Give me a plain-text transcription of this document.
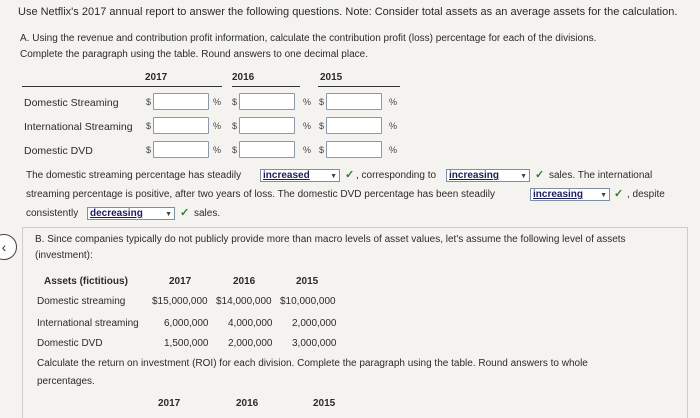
Use Netflix's 2017 annual report to answer the following questions. Note: Consider total assets as an average assets for the calculation.
A. Using the revenue and contribution profit information, calculate the contribution profit (loss) percentage for each of the divisions.
Complete the paragraph using the table. Round answers to one decimal place.
2017	2016	2015
Domestic Streaming	$	% $	% $	%
International Streaming $	% $	% $	%
Domestic DVD	$	% $	% $	%
The domestic streaming percentage has steadily	increased	▼ ✓ , corresponding to	increasing	▼ ✓ sales. The international
streaming percentage is positive, after two years of loss. The domestic DVD percentage has been steadily	increasing ▼ ✓ , despite
consistently	decreasing	▼ ✓ sales.
‹	B. Since companies typically do not publicly provide more than macro levels of asset values, let's assume the following level of assets
(investment):
Assets (fictitious)	2017	2016	2015
Domestic streaming	$15,000,000 $14,000,000 $10,000,000
International streaming	6,000,000 4,000,000 2,000,000
Domestic DVD	1,500,000 2,000,000 3,000,000
Calculate the return on investment (ROI) for each division. Complete the paragraph using the table. Round answers to whole
percentages.
2017	2016	2015
